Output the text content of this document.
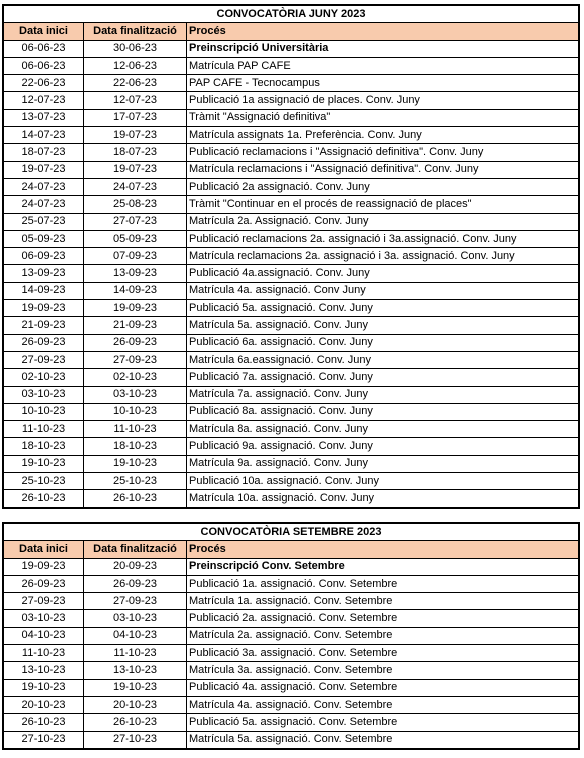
CONVOCATÒRIA JUNY 2023		
Data inici	Data finalització	Procés
06-06-23	30-06-23	Preinscripció Universitària
06-06-23	12-06-23	Matrícula PAP CAFE
22-06-23	22-06-23	PAP CAFE - Tecnocampus
12-07-23	12-07-23	Publicació 1a assignació de places. Conv. Juny
13-07-23	17-07-23	Tràmit "Assignació definitiva"
14-07-23	19-07-23	Matrícula assignats 1a. Preferència. Conv. Juny
18-07-23	18-07-23	Publicació reclamacions i "Assignació definitiva". Conv. Juny
19-07-23	19-07-23	Matrícula reclamacions i "Assignació definitiva". Conv. Juny
24-07-23	24-07-23	Publicació 2a assignació. Conv. Juny
24-07-23	25-08-23	Tràmit "Continuar en el procés de reassignació de places"
25-07-23	27-07-23	Matrícula 2a. Assignació. Conv. Juny
05-09-23	05-09-23	Publicació reclamacions 2a. assignació i 3a.assignació. Conv. Juny
06-09-23	07-09-23	Matrícula reclamacions 2a. assignació i 3a. assignació. Conv. Juny
13-09-23	13-09-23	Publicació 4a.assignació. Conv. Juny
14-09-23	14-09-23	Matrícula 4a. assignació. Conv Juny
19-09-23	19-09-23	Publicació 5a. assignació. Conv. Juny
21-09-23	21-09-23	Matrícula 5a. assignació. Conv. Juny
26-09-23	26-09-23	Publicació 6a. assignació. Conv. Juny
27-09-23	27-09-23	Matrícula 6a.eassignació. Conv. Juny
02-10-23	02-10-23	Publicació 7a. assignació. Conv. Juny
03-10-23	03-10-23	Matrícula 7a. assignació. Conv. Juny
10-10-23	10-10-23	Publicació 8a. assignació. Conv. Juny
11-10-23	11-10-23	Matrícula 8a. assignació. Conv. Juny
18-10-23	18-10-23	Publicació 9a. assignació. Conv. Juny
19-10-23	19-10-23	Matrícula 9a. assignació. Conv. Juny
25-10-23	25-10-23	Publicació 10a. assignació. Conv. Juny
26-10-23	26-10-23	Matrícula 10a. assignació. Conv. Juny
CONVOCATÒRIA SETEMBRE 2023		
Data inici	Data finalització	Procés
19-09-23	20-09-23	Preinscripció Conv. Setembre
26-09-23	26-09-23	Publicació 1a. assignació. Conv. Setembre
27-09-23	27-09-23	Matrícula 1a. assignació. Conv. Setembre
03-10-23	03-10-23	Publicació 2a. assignació. Conv. Setembre
04-10-23	04-10-23	Matrícula 2a. assignació. Conv. Setembre
11-10-23	11-10-23	Publicació 3a. assignació. Conv. Setembre
13-10-23	13-10-23	Matrícula 3a. assignació. Conv. Setembre
19-10-23	19-10-23	Publicació 4a. assignació. Conv. Setembre
20-10-23	20-10-23	Matrícula 4a. assignació. Conv. Setembre
26-10-23	26-10-23	Publicació 5a. assignació. Conv. Setembre
27-10-23	27-10-23	Matrícula 5a. assignació. Conv. Setembre
